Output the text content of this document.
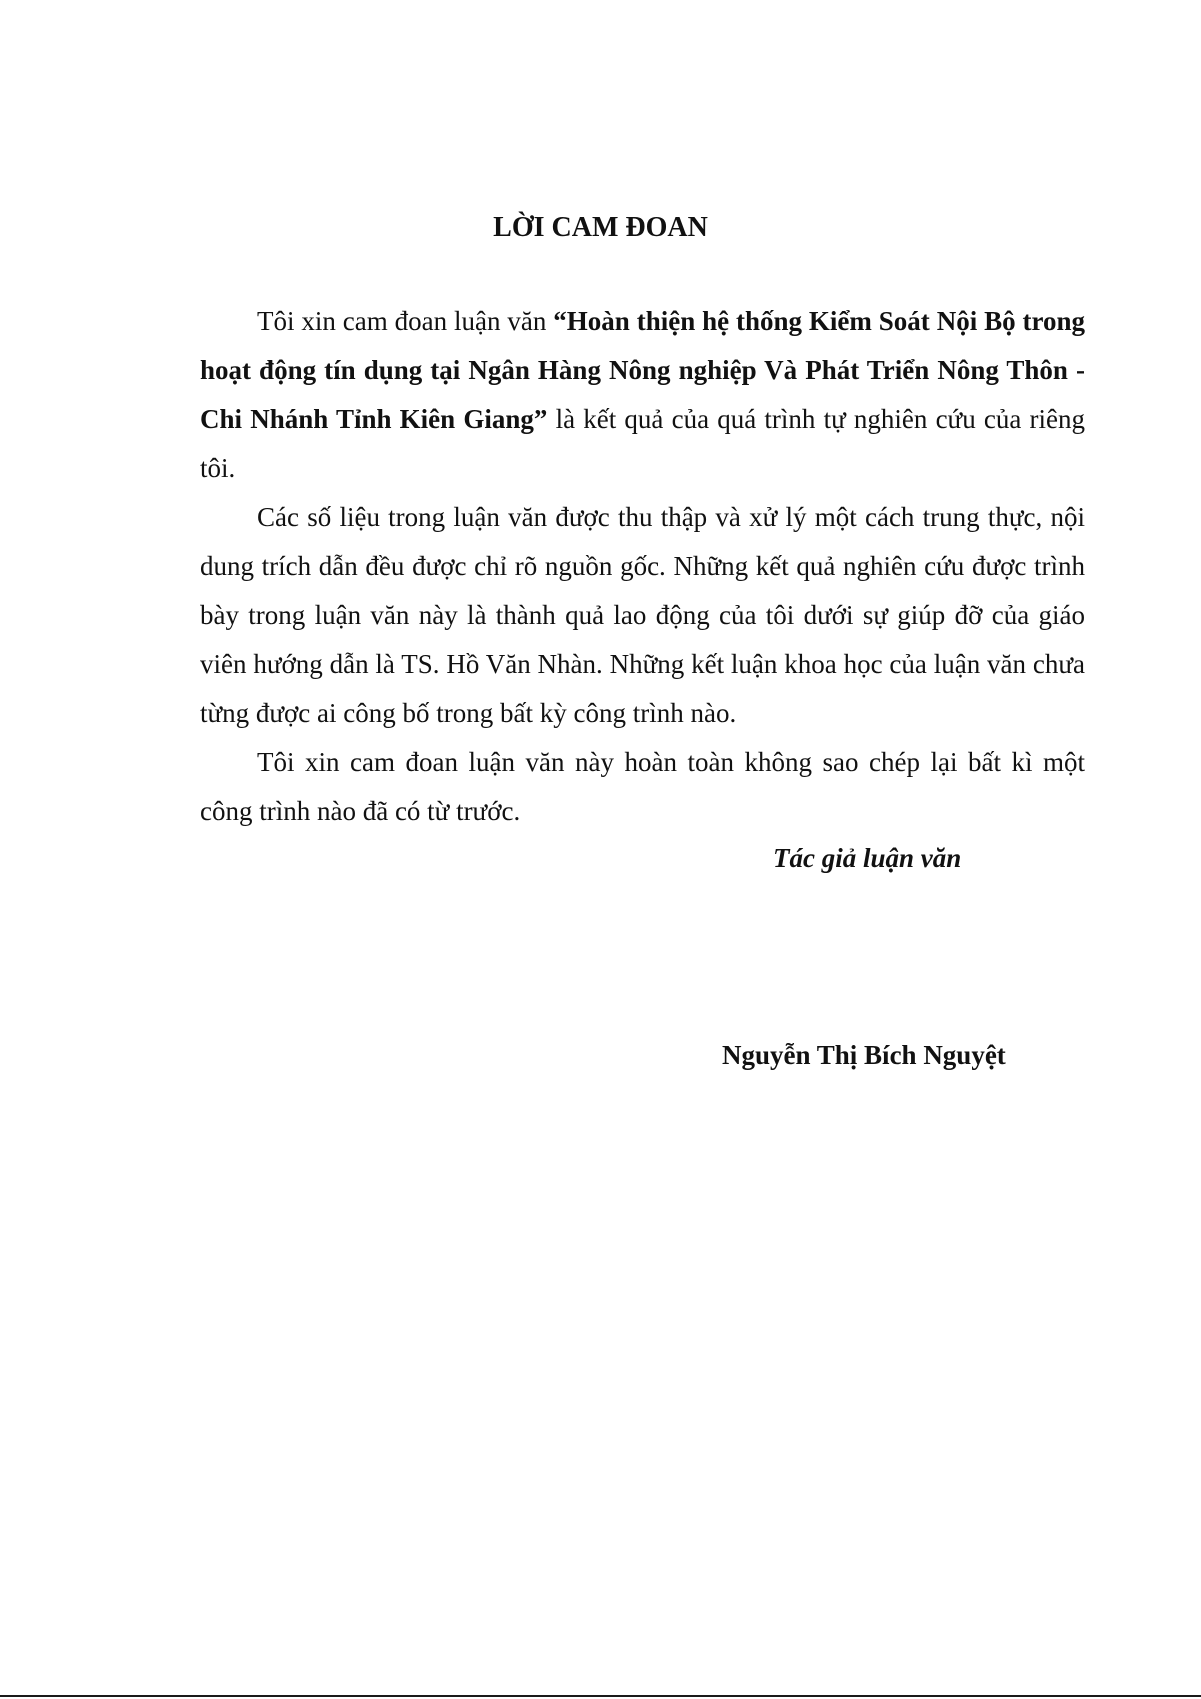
LỜI CAM ĐOAN

Tôi xin cam đoan luận văn “Hoàn thiện hệ thống Kiểm Soát Nội Bộ trong hoạt động tín dụng tại Ngân Hàng Nông nghiệp Và Phát Triển Nông Thôn - Chi Nhánh Tỉnh Kiên Giang” là kết quả của quá trình tự nghiên cứu của riêng tôi.

Các số liệu trong luận văn được thu thập và xử lý một cách trung thực, nội dung trích dẫn đều được chỉ rõ nguồn gốc. Những kết quả nghiên cứu được trình bày trong luận văn này là thành quả lao động của tôi dưới sự giúp đỡ của giáo viên hướng dẫn là TS. Hồ Văn Nhàn. Những kết luận khoa học của luận văn chưa từng được ai công bố trong bất kỳ công trình nào.

Tôi xin cam đoan luận văn này hoàn toàn không sao chép lại bất kì một công trình nào đã có từ trước.

Tác giả luận văn
Nguyễn Thị Bích Nguyệt
